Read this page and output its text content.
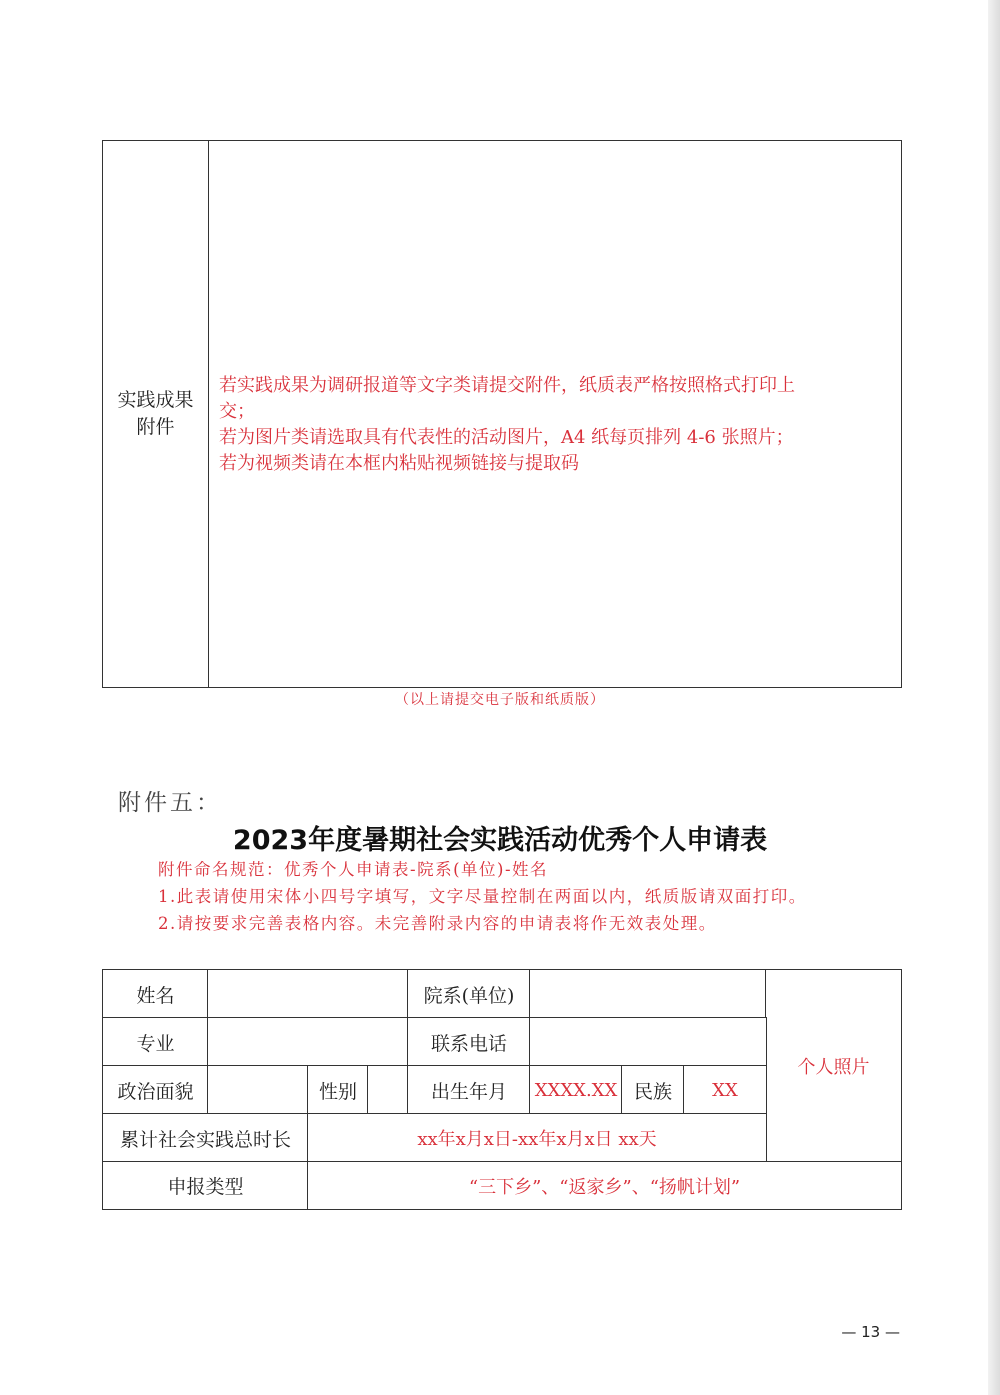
实践成果
附件
若实践成果为调研报道等文字类请提交附件，纸质表严格按照格式打印上
交；
若为图片类请选取具有代表性的活动图片，A4 纸每页排列 4-6 张照片；
若为视频类请在本框内粘贴视频链接与提取码
（以上请提交电子版和纸质版）
附件五：
2023年度暑期社会实践活动优秀个人申请表
附件命名规范：优秀个人申请表-院系(单位)-姓名
1.此表请使用宋体小四号字填写，文字尽量控制在两面以内，纸质版请双面打印。
2.请按要求完善表格内容。未完善附录内容的申请表将作无效表处理。
姓名	院系(单位)
个人照片
专业	联系电话
政治面貌	性别	出生年月	XXXX.XX 民族	XX
累计社会实践总时长	xx年x月x日-xx年x月x日 xx天
申报类型	“三下乡”、“返家乡”、“扬帆计划”
— 13 —
